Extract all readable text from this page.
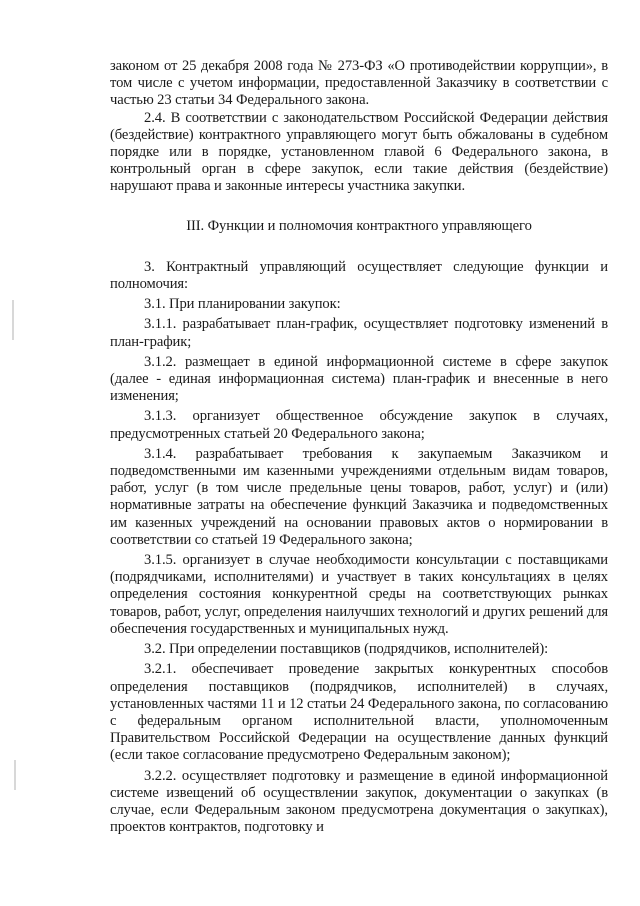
законом от 25 декабря 2008 года № 273-ФЗ «О противодействии коррупции», в том числе с учетом информации, предоставленной Заказчику в соответствии с частью 23 статьи 34 Федерального закона.

2.4. В соответствии с законодательством Российской Федерации действия (бездействие) контрактного управляющего могут быть обжалованы в судебном порядке или в порядке, установленном главой 6 Федерального закона, в контрольный орган в сфере закупок, если такие действия (бездействие) нарушают права и законные интересы участника закупки.

III. Функции и полномочия контрактного управляющего

3. Контрактный управляющий осуществляет следующие функции и полномочия:

3.1. При планировании закупок:

3.1.1. разрабатывает план-график, осуществляет подготовку изменений в план-график;

3.1.2. размещает в единой информационной системе в сфере закупок (далее - единая информационная система) план-график и внесенные в него изменения;

3.1.3. организует общественное обсуждение закупок в случаях, предусмотренных статьей 20 Федерального закона;

3.1.4. разрабатывает требования к закупаемым Заказчиком и подведомственными им казенными учреждениями отдельным видам товаров, работ, услуг (в том числе предельные цены товаров, работ, услуг) и (или) нормативные затраты на обеспечение функций Заказчика и подведомственных им казенных учреждений на основании правовых актов о нормировании в соответствии со статьей 19 Федерального закона;

3.1.5. организует в случае необходимости консультации с поставщиками (подрядчиками, исполнителями) и участвует в таких консультациях в целях определения состояния конкурентной среды на соответствующих рынках товаров, работ, услуг, определения наилучших технологий и других решений для обеспечения государственных и муниципальных нужд.

3.2. При определении поставщиков (подрядчиков, исполнителей):

3.2.1. обеспечивает проведение закрытых конкурентных способов определения поставщиков (подрядчиков, исполнителей) в случаях, установленных частями 11 и 12 статьи 24 Федерального закона, по согласованию с федеральным органом исполнительной власти, уполномоченным Правительством Российской Федерации на осуществление данных функций (если такое согласование предусмотрено Федеральным законом);

3.2.2. осуществляет подготовку и размещение в единой информационной системе извещений об осуществлении закупок, документации о закупках (в случае, если Федеральным законом предусмотрена документация о закупках), проектов контрактов, подготовку и
